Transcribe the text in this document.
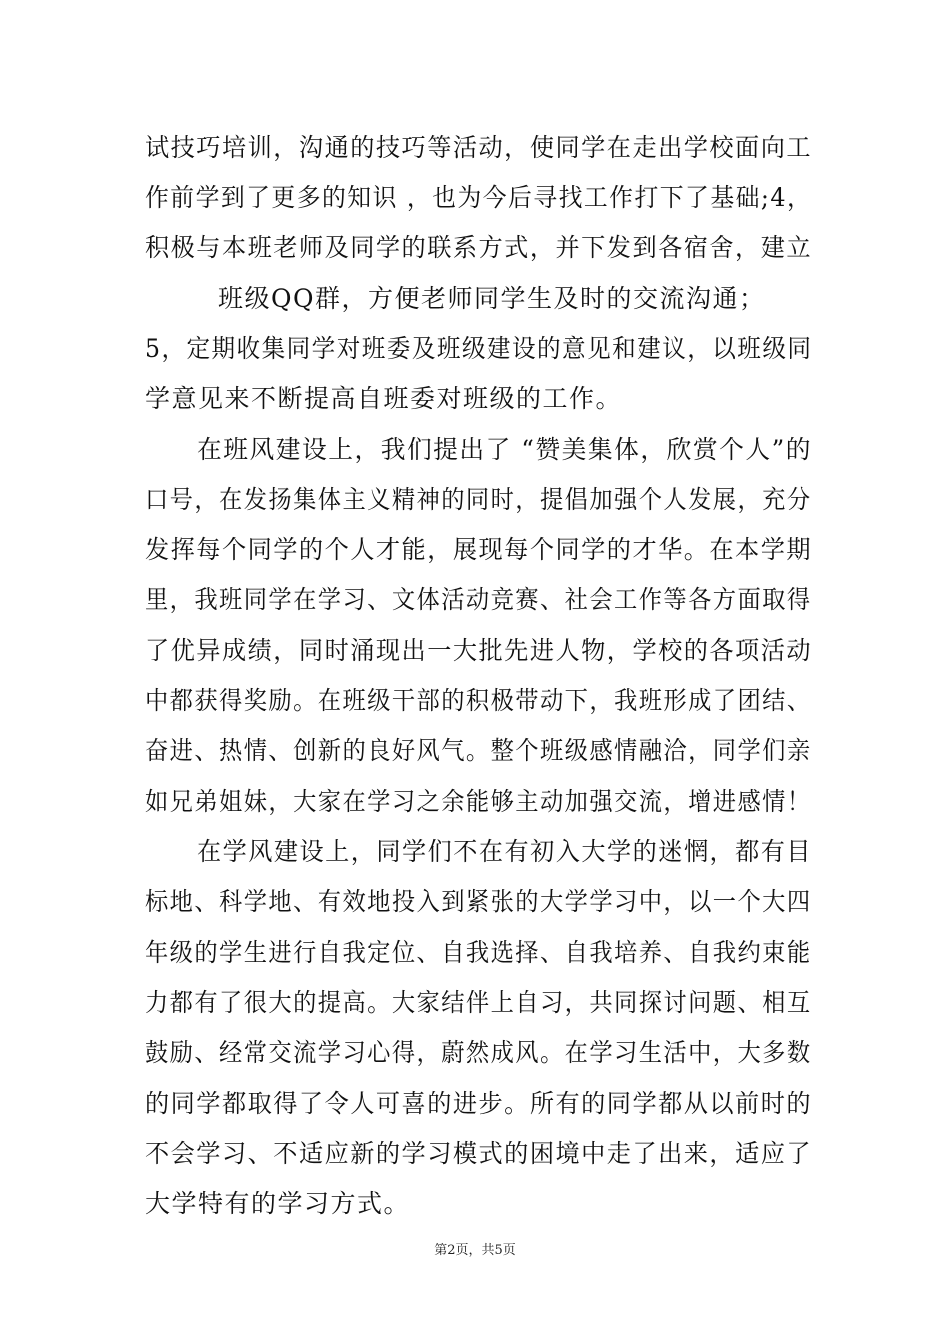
试技巧培训，沟通的技巧等活动，使同学在走出学校面向工
作前学到了更多的知识 ，也为今后寻找工作打下了基础;4，
积极与本班老师及同学的联系方式，并下发到各宿舍，建立
班级QQ群，方便老师同学生及时的交流沟通；
5，定期收集同学对班委及班级建设的意见和建议，以班级同
学意见来不断提高自班委对班级的工作。
在班风建设上，我们提出了 “赞美集体，欣赏个人”的
口号，在发扬集体主义精神的同时，提倡加强个人发展，充分
发挥每个同学的个人才能，展现每个同学的才华。在本学期
里，我班同学在学习、文体活动竞赛、社会工作等各方面取得
了优异成绩，同时涌现出一大批先进人物，学校的各项活动
中都获得奖励。在班级干部的积极带动下，我班形成了团结、
奋进、热情、创新的良好风气。整个班级感情融洽，同学们亲
如兄弟姐妹，大家在学习之余能够主动加强交流，增进感情！
在学风建设上，同学们不在有初入大学的迷惘，都有目
标地、科学地、有效地投入到紧张的大学学习中，以一个大四
年级的学生进行自我定位、自我选择、自我培养、自我约束能
力都有了很大的提高。大家结伴上自习，共同探讨问题、相互
鼓励、经常交流学习心得，蔚然成风。在学习生活中，大多数
的同学都取得了令人可喜的进步。所有的同学都从以前时的
不会学习、不适应新的学习模式的困境中走了出来，适应了
大学特有的学习方式。
第2页，共5页
